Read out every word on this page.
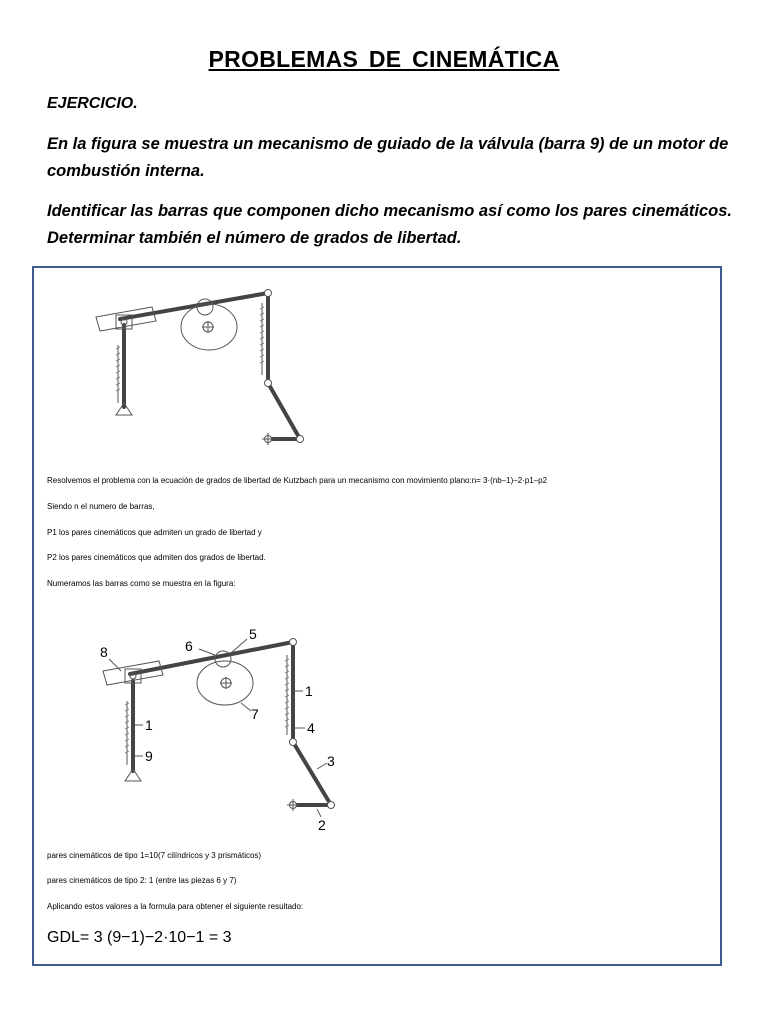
PROBLEMAS DE CINEMÁTICA
EJERCICIO.
En la figura se muestra un mecanismo de guiado de la válvula (barra 9) de un motor de combustión interna.
Identificar las barras que componen dicho mecanismo así como los pares cinemáticos. Determinar también el número de grados de libertad.
Resolvemos el problema con la ecuación de grados de libertad de Kutzbach para un mecanismo con movimiento plano:n= 3·(nb–1)–2·p1–p2
Siendo n el numero de barras,
P1 los pares cinemáticos que admiten un grado de libertad y
P2 los pares cinemáticos que admiten dos grados de libertad.
Numeramos las barras como se muestra en la figura:
8	6
5
7
1
9
1
4
3
2
pares cinemáticos de tipo 1=10(7 cilíndricos y 3 prismáticos)
pares cinemáticos de tipo 2: 1 (entre las piezas 6 y 7)
Aplicando estos valores a la formula para obtener el siguiente resultado:
GDL= 3 (9−1)−2·10−1 = 3
